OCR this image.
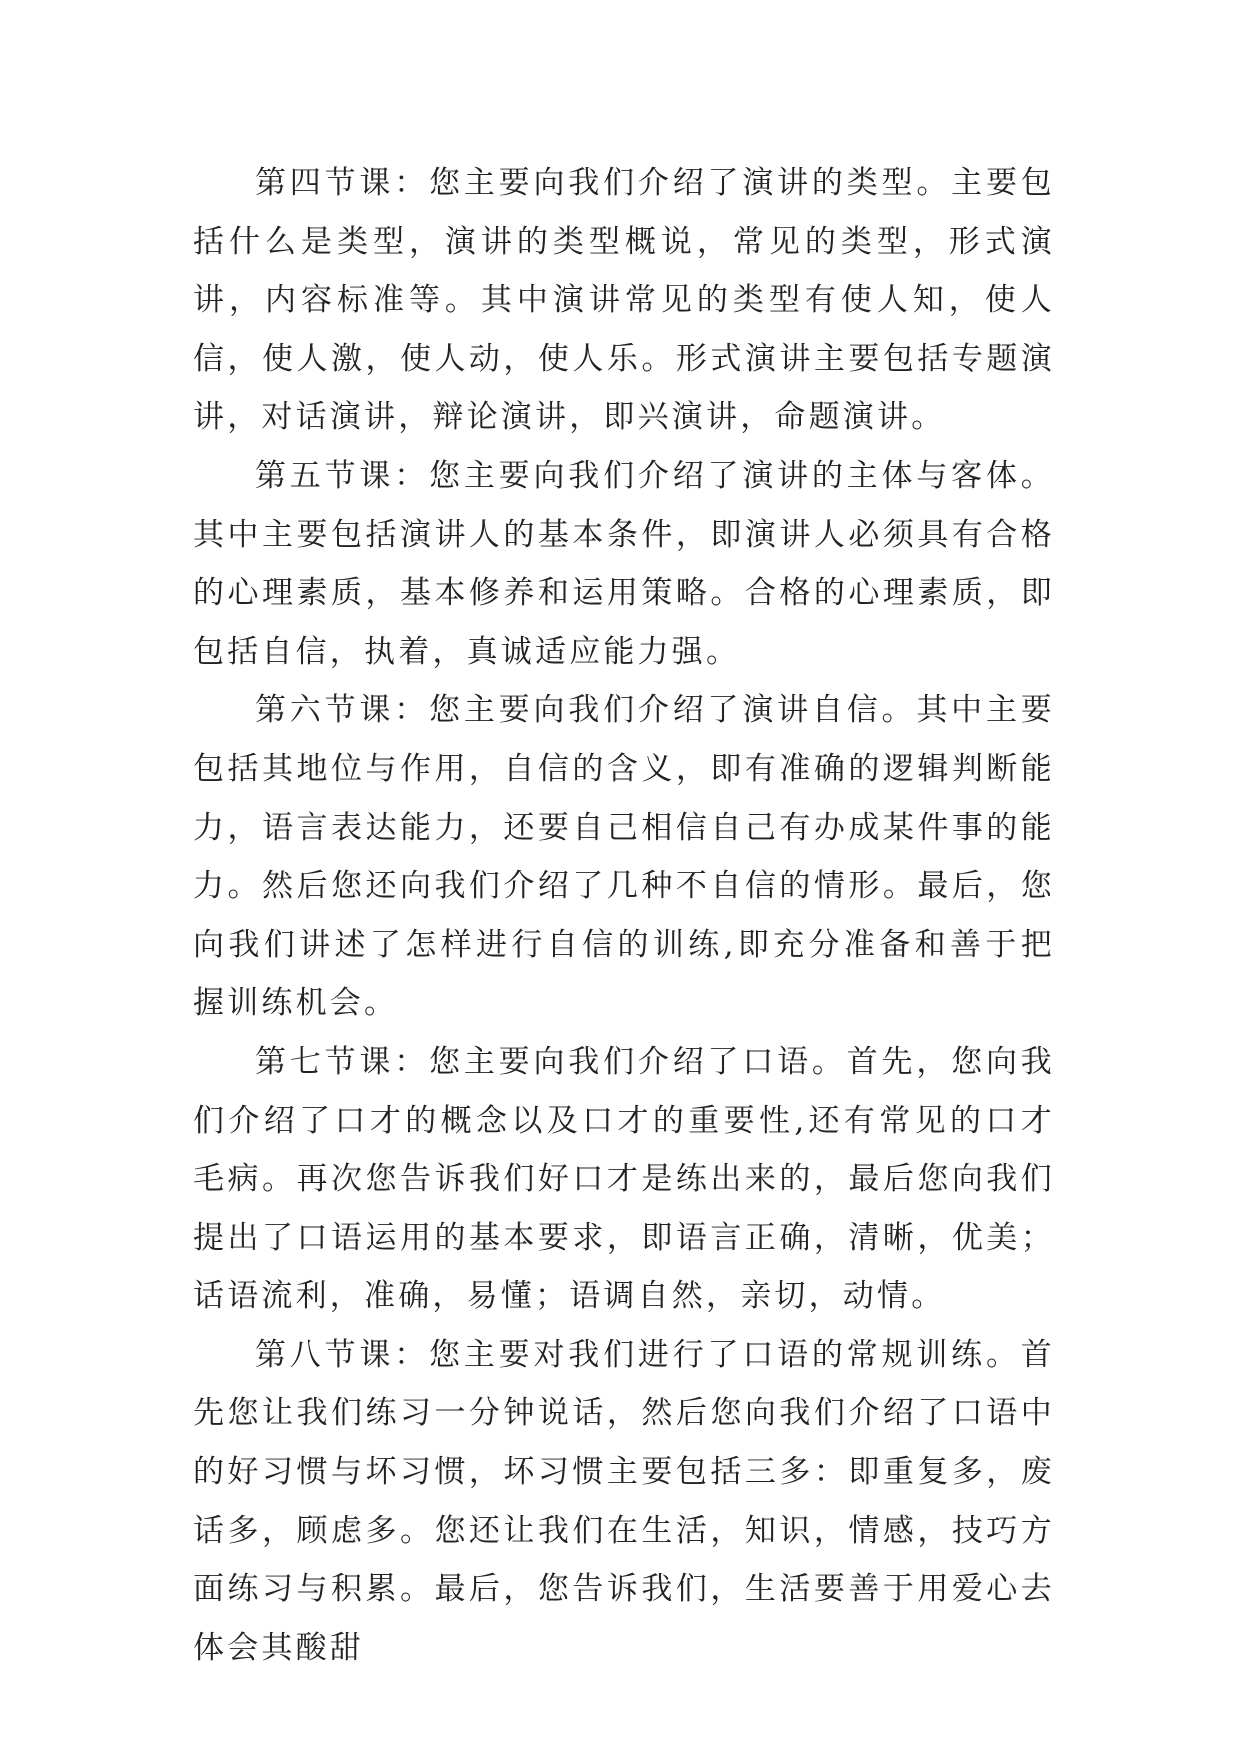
第四节课：您主要向我们介绍了演讲的类型。主要包括什么是类型，演讲的类型概说，常见的类型，形式演讲，内容标准等。其中演讲常见的类型有使人知，使人信，使人激，使人动，使人乐。形式演讲主要包括专题演讲，对话演讲，辩论演讲，即兴演讲，命题演讲。

第五节课：您主要向我们介绍了演讲的主体与客体。其中主要包括演讲人的基本条件，即演讲人必须具有合格的心理素质，基本修养和运用策略。合格的心理素质，即包括自信，执着，真诚适应能力强。

第六节课：您主要向我们介绍了演讲自信。其中主要包括其地位与作用，自信的含义，即有准确的逻辑判断能力，语言表达能力，还要自己相信自己有办成某件事的能力。然后您还向我们介绍了几种不自信的情形。最后，您向我们讲述了怎样进行自信的训练,即充分准备和善于把握训练机会。

第七节课：您主要向我们介绍了口语。首先，您向我们介绍了口才的概念以及口才的重要性,还有常见的口才毛病。再次您告诉我们好口才是练出来的，最后您向我们提出了口语运用的基本要求，即语言正确，清晰，优美；话语流利，准确，易懂；语调自然，亲切，动情。

第八节课：您主要对我们进行了口语的常规训练。首先您让我们练习一分钟说话，然后您向我们介绍了口语中的好习惯与坏习惯，坏习惯主要包括三多：即重复多，废话多，顾虑多。您还让我们在生活，知识，情感，技巧方面练习与积累。最后，您告诉我们，生活要善于用爱心去体会其酸甜
